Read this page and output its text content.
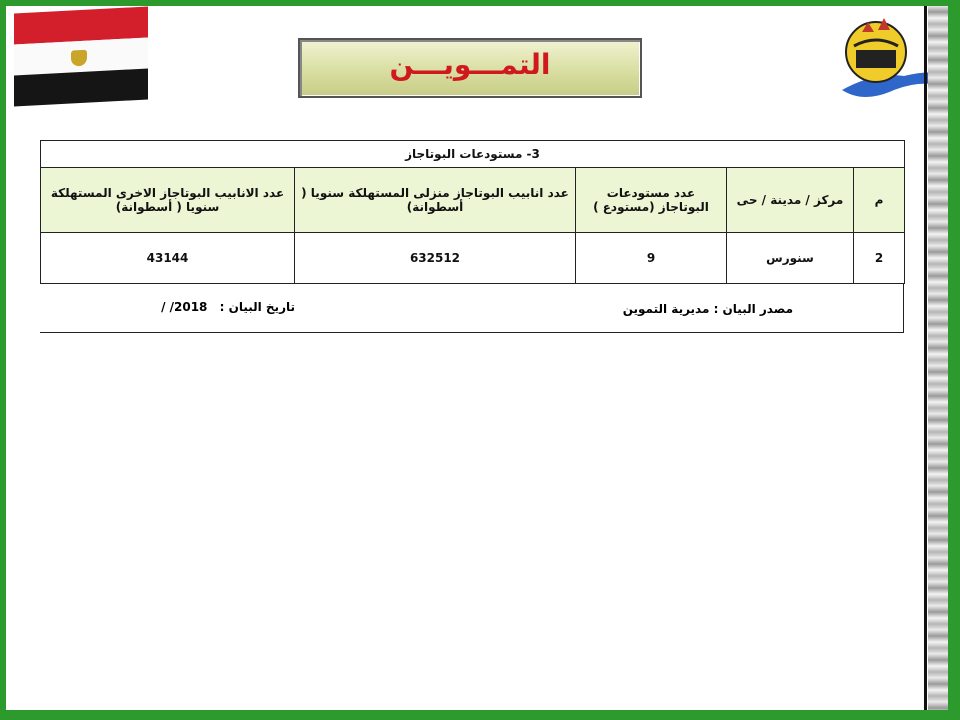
التمـــويـــن
3- مستودعات البوتاجاز				
م	مركز / مدينة / حى	عدد مستودعات البوتاجاز (مستودع )	عدد انابيب البوتاجاز منزلى المستهلكة سنويا ( أسطوانة)	عدد الانابيب البوتاجاز الاخرى المستهلكة سنويا ( أسطوانة)
2	سنورس	9	632512	43144
مصدر البيان : مديرية التموين
تاريخ البيان : / /2018
